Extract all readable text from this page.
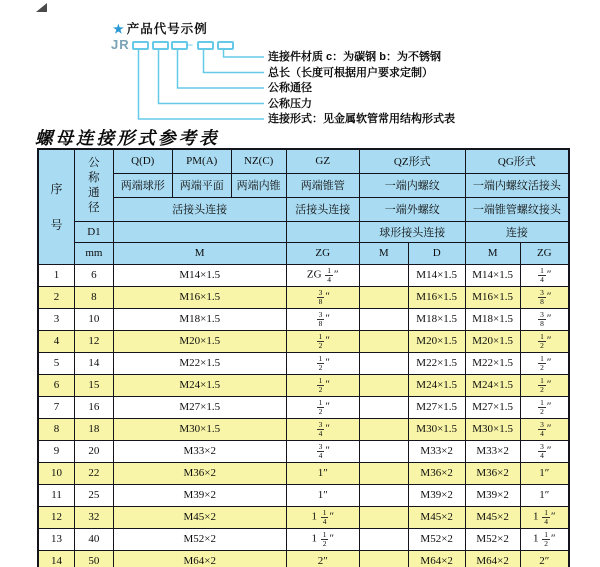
★ 产品代号示例
JR	–
连接件材质 c：为碳钢 b：为不锈钢
总长（长度可根据用户要求定制）
公称通径
公称压力
连接形式：见金属软管常用结构形式表
螺母连接形式参考表
序
号	公
称
通
径	Q(D)	PM(A)	NZ(C)	GZ	QZ形式		QG形式	
		两端球形	两端平面	两端内锥	两端锥管	一端内螺纹		一端内螺纹活接头	
		活接头连接			活接头连接	一端外螺纹		一端锥管螺纹接头	
	D1					球形接头连接		连接	
	mm	M			ZG	M	D	M	ZG
1	6	M14×1.5			ZG $\frac{1}{4}$ ″		M14×1.5	M14×1.5	$\frac{1}{4}$ ″
2	8	M16×1.5			$\frac{3}{8}$ ″		M16×1.5	M16×1.5	$\frac{3}{8}$ ″
3	10	M18×1.5			$\frac{3}{8}$ ″		M18×1.5	M18×1.5	$\frac{3}{8}$ ″
4	12	M20×1.5			$\frac{1}{2}$ ″		M20×1.5	M20×1.5	$\frac{1}{2}$ ″
5	14	M22×1.5			$\frac{1}{2}$ ″		M22×1.5	M22×1.5	$\frac{1}{2}$ ″
6	15	M24×1.5			$\frac{1}{2}$ ″		M24×1.5	M24×1.5	$\frac{1}{2}$ ″
7	16	M27×1.5			$\frac{1}{2}$ ″		M27×1.5	M27×1.5	$\frac{1}{2}$ ″
8	18	M30×1.5			$\frac{3}{4}$ ″		M30×1.5	M30×1.5	$\frac{3}{4}$ ″
9	20	M33×2			$\frac{3}{4}$ ″		M33×2	M33×2	$\frac{3}{4}$ ″
10	22	M36×2			1″		M36×2	M36×2	1″
11	25	M39×2			1″		M39×2	M39×2	1″
12	32	M45×2			$1 \frac{1}{4}$ ″		M45×2	M45×2	$1 \frac{1}{4}$ ″
13	40	M52×2			$1 \frac{1}{2}$ ″		M52×2	M52×2	$1 \frac{1}{2}$ ″
14	50	M64×2			2″		M64×2	M64×2	2″
